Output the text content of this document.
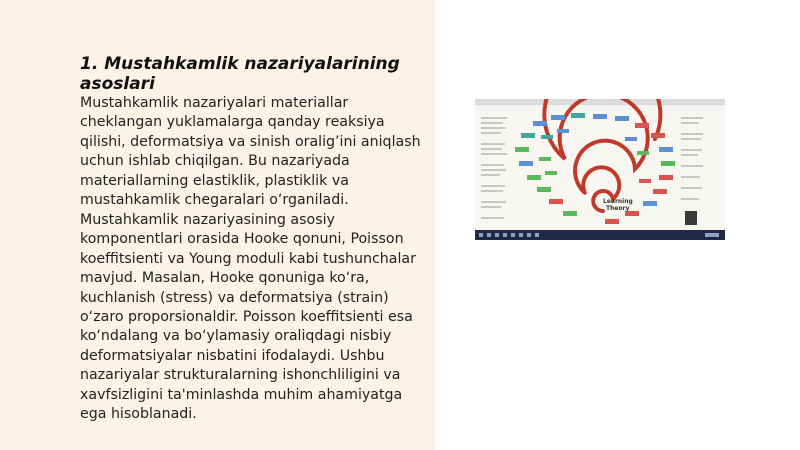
1. Mustahkamlik nazariyalarining asoslari

Mustahkamlik nazariyalari materiallar cheklangan yuklamalarga qanday reaksiya qilishi, deformatsiya va sinish oralig’ini aniqlash uchun ishlab chiqilgan. Bu nazariyada materiallarning elastiklik, plastiklik va mustahkamlik chegaralari o‘rganiladi. Mustahkamlik nazariyasining asosiy komponentlari orasida Hooke qonuni, Poisson koeffitsienti va Young moduli kabi tushunchalar mavjud. Masalan, Hooke qonuniga ko‘ra, kuchlanish (stress) va deformatsiya (strain) o‘zaro proporsionaldir. Poisson koeffitsienti esa ko‘ndalang va bo‘ylamasiy oraliqdagi nisbiy deformatsiyalar nisbatini ifodalaydi. Ushbu nazariyalar strukturalarning ishonchliligini va xavfsizligini ta'minlashda muhim ahamiyatga ega hisoblanadi.

Learning
Theory
